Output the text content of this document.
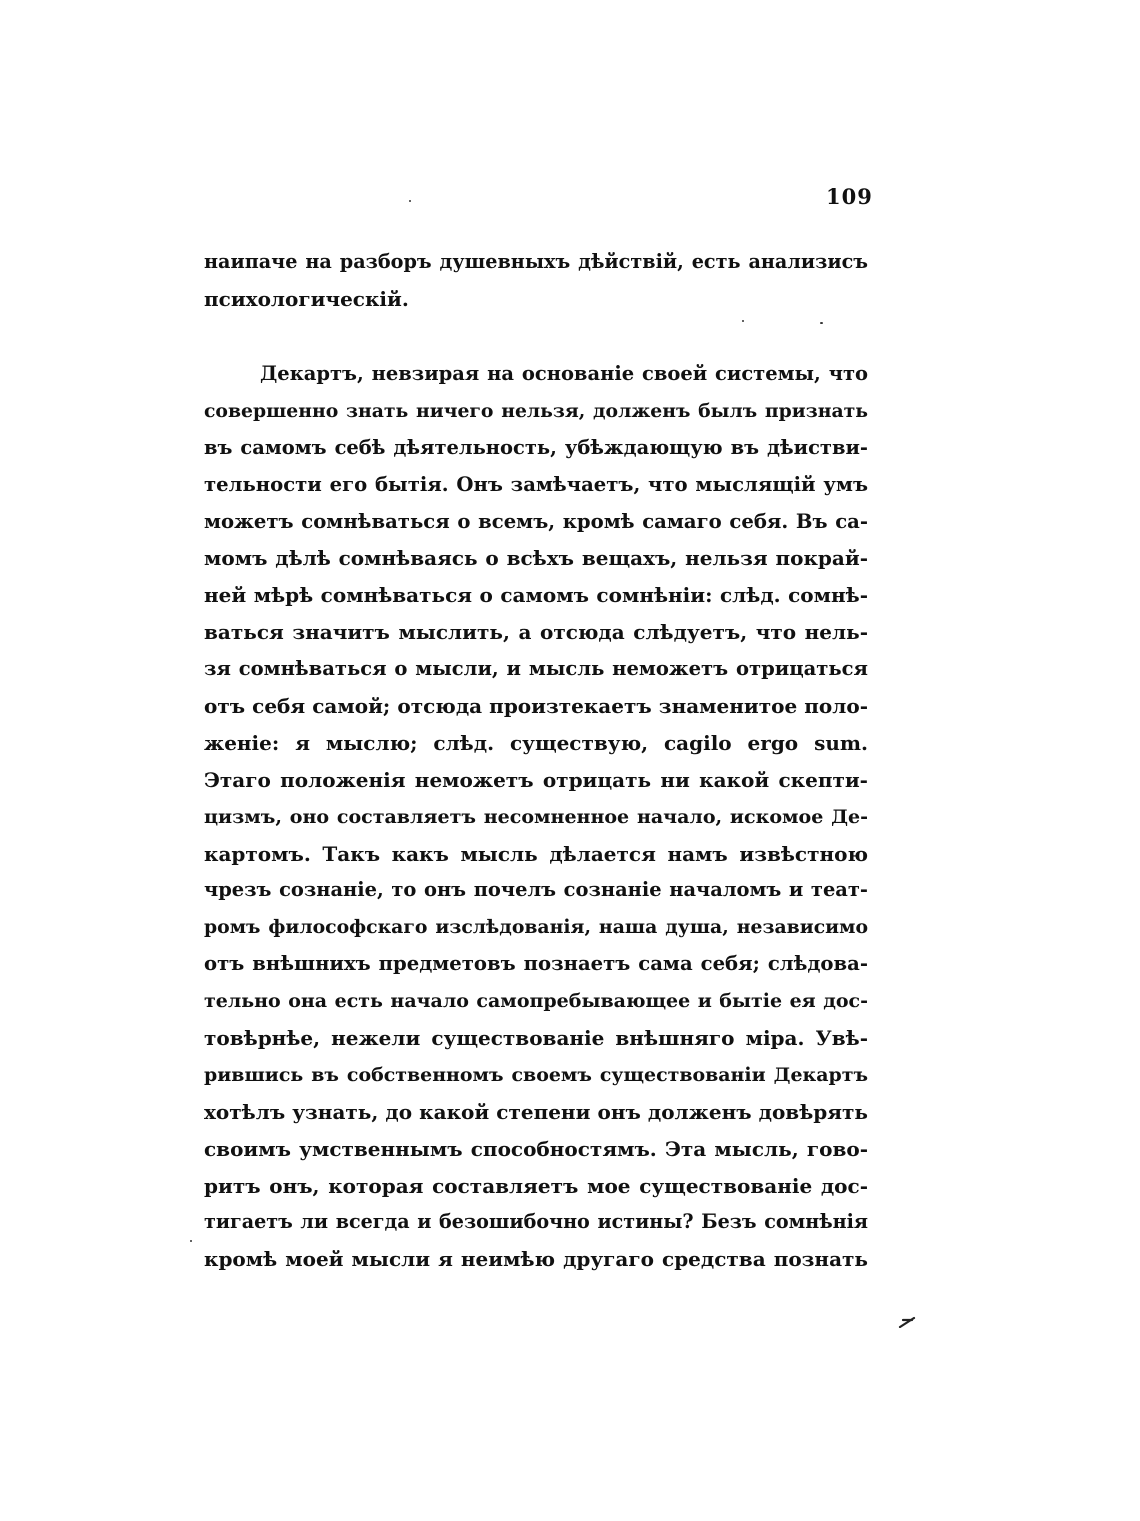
109
наипаче на разборъ душевныхъ дѣйствій, есть анализисъ
психологическій.
Декартъ, невзирая на основаніе своей системы, что
совершенно знать ничего нельзя, долженъ былъ признать
въ самомъ себѣ дѣятельность, убѣждающую въ дѣистви-
тельности его бытія. Онъ замѣчаетъ, что мыслящій умъ
можетъ сомнѣваться о всемъ, кромѣ самаго себя. Въ са-
момъ дѣлѣ сомнѣваясь о всѣхъ вещахъ, нельзя покрай-
ней мѣрѣ сомнѣваться о самомъ сомнѣніи: слѣд. сомнѣ-
ваться значитъ мыслить, а отсюда слѣдуетъ, что нель-
зя сомнѣваться о мысли, и мысль неможетъ отрицаться
отъ себя самой; отсюда произтекаетъ знаменитое поло-
женіе: я мыслю; слѣд. существую, cagilo ergo sum.
Этаго положенія неможетъ отрицать ни какой скепти-
цизмъ, оно составляетъ несомненное начало, искомое Де-
картомъ. Такъ какъ мысль дѣлается намъ извѣстною
чрезъ сознаніе, то онъ почелъ сознаніе началомъ и теат-
ромъ философскаго изслѣдованія, наша душа, независимо
отъ внѣшнихъ предметовъ познаетъ сама себя; слѣдова-
тельно она есть начало самопребывающее и бытіе ея дос-
товѣрнѣе, нежели существованіе внѣшняго міра. Увѣ-
рившись въ собственномъ своемъ существованіи Декартъ
хотѣлъ узнать, до какой степени онъ долженъ довѣрять
своимъ умственнымъ способностямъ. Эта мысль, гово-
ритъ онъ, которая составляетъ мое существованіе дос-
тигаетъ ли всегда и безошибочно истины? Безъ сомнѣнія
кромѣ моей мысли я неимѣю другаго средства познать
